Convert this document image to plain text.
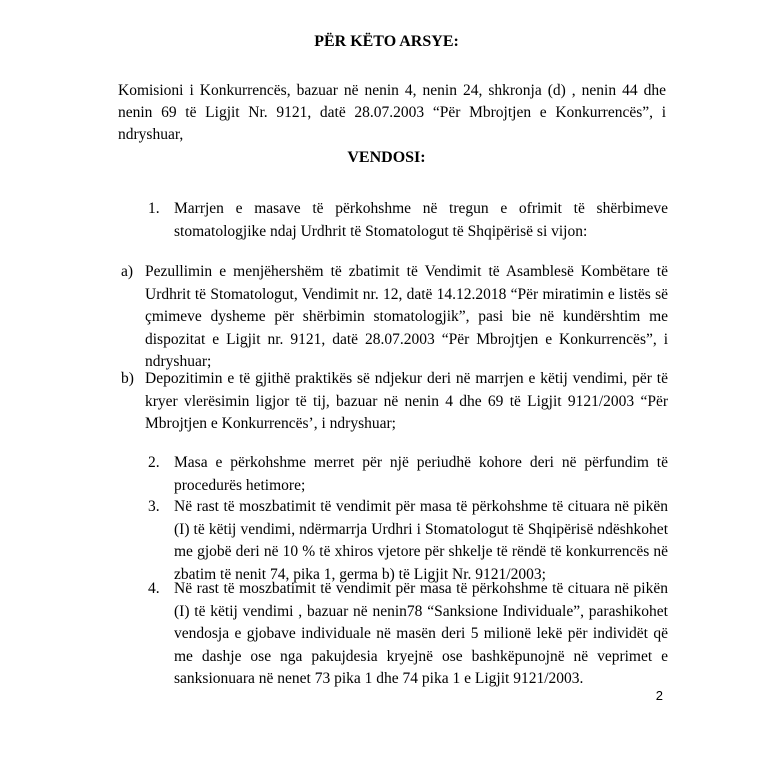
PËR KËTO ARSYE:
Komisioni i Konkurrencës, bazuar në nenin 4, nenin 24, shkronja (d) , nenin 44 dhe nenin 69 të Ligjit Nr. 9121, datë 28.07.2003 “Për Mbrojtjen e Konkurrencës”, i ndryshuar,
VENDOSI:
1. Marrjen e masave të përkohshme në tregun e ofrimit të shërbimeve stomatologjike ndaj Urdhrit të Stomatologut të Shqipërisë si vijon:
a) Pezullimin e menjëhershëm të zbatimit të Vendimit të Asamblesë Kombëtare të Urdhrit të Stomatologut, Vendimit nr. 12, datë 14.12.2018 “Për miratimin e listës së çmimeve dysheme për shërbimin stomatologjik”, pasi bie në kundërshtim me dispozitat e Ligjit nr. 9121, datë 28.07.2003 “Për Mbrojtjen e Konkurrencës”, i ndryshuar;
b) Depozitimin e të gjithë praktikës së ndjekur deri në marrjen e këtij vendimi, për të kryer vlerësimin ligjor të tij, bazuar në nenin 4 dhe 69 të Ligjit 9121/2003 “Për Mbrojtjen e Konkurrencës’, i ndryshuar;
2. Masa e përkohshme merret për një periudhë kohore deri në përfundim të procedurës hetimore;
3. Në rast të moszbatimit të vendimit për masa të përkohshme të cituara në pikën (I) të këtij vendimi, ndërmarrja Urdhri i Stomatologut të Shqipërisë ndëshkohet me gjobë deri në 10 % të xhiros vjetore për shkelje të rëndë të konkurrencës në zbatim të nenit 74, pika 1, germa b) të Ligjit Nr. 9121/2003;
4. Në rast të moszbatimit të vendimit për masa të përkohshme të cituara në pikën (I) të këtij vendimi , bazuar në nenin78 “Sanksione Individuale”, parashikohet vendosja e gjobave individuale në masën deri 5 milionë lekë për individët që me dashje ose nga pakujdesia kryejnë ose bashkëpunojnë në veprimet e sanksionuara në nenet 73 pika 1 dhe 74 pika 1 e Ligjit 9121/2003.
2
